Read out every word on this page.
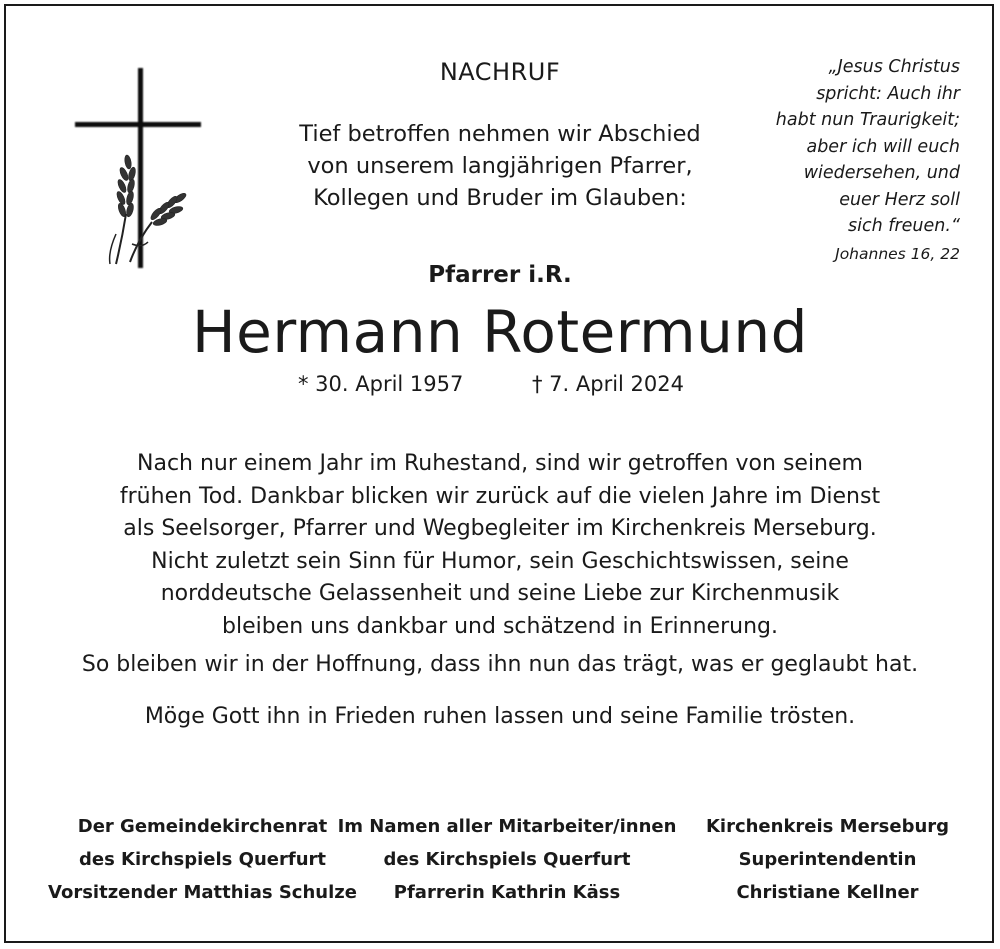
NACHRUF
Tief betroffen nehmen wir Abschied
von unserem langjährigen Pfarrer,
Kollegen und Bruder im Glauben:
„Jesus Christus
spricht: Auch ihr
habt nun Traurigkeit;
aber ich will euch
wiedersehen, und
euer Herz soll
sich freuen.“
Johannes 16, 22
Pfarrer i.R.
Hermann Rotermund
* 30. April 1957	† 7. April 2024
Nach nur einem Jahr im Ruhestand, sind wir getroffen von seinem
frühen Tod. Dankbar blicken wir zurück auf die vielen Jahre im Dienst
als Seelsorger, Pfarrer und Wegbegleiter im Kirchenkreis Merseburg.
Nicht zuletzt sein Sinn für Humor, sein Geschichtswissen, seine
norddeutsche Gelassenheit und seine Liebe zur Kirchenmusik
bleiben uns dankbar und schätzend in Erinnerung.
So bleiben wir in der Hoffnung, dass ihn nun das trägt, was er geglaubt hat.
Möge Gott ihn in Frieden ruhen lassen und seine Familie trösten.
Der Gemeindekirchenrat
des Kirchspiels Querfurt
Vorsitzender Matthias Schulze
Im Namen aller Mitarbeiter/innen
des Kirchspiels Querfurt
Pfarrerin Kathrin Käss
Kirchenkreis Merseburg
Superintendentin
Christiane Kellner
